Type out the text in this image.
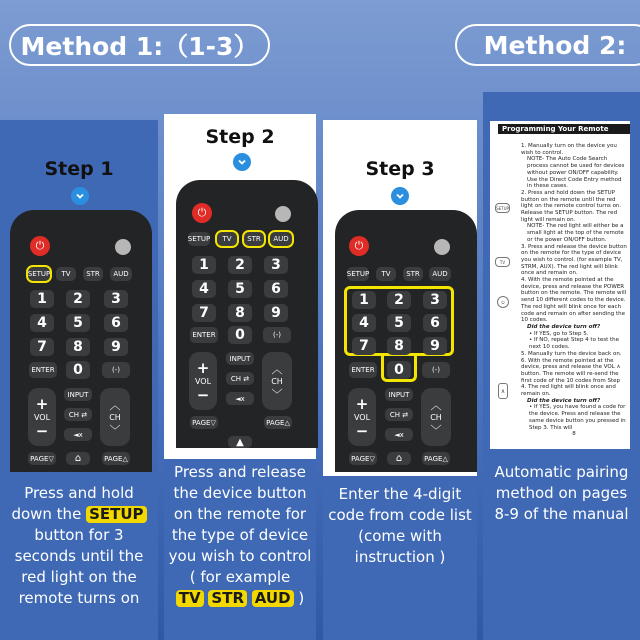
Method 1:（1-3）	Method 2:
Step 1
Step 2
Step 3
⏻
SETUP	TV	STR	AUD
1	2	3
4	5	6
7	8	9
ENTER	0	(-)
+
VOL
−
INPUT
CH ⇄
◄x
︿
CH
﹀
PAGE▽	⌂	PAGE△
⏻
SETUP	TV	STR	AUD
1	2	3
4	5	6
7	8	9
ENTER	0	(-)
+
VOL
−
INPUT
CH ⇄
◄x
︿
CH
﹀
PAGE▽	PAGE△
▲
⏻
SETUP	TV	STR	AUD
1	2	3
4	5	6
7	8	9
ENTER	0	(-)
+
VOL
−
INPUT
CH ⇄
◄x
︿
CH
﹀
PAGE▽	⌂	PAGE△
Programming Your Remote
SETUP
TV
⏻
∧

1. Manually turn on the device you wish to control.

NOTE- The Auto Code Search process cannot be used for devices without power ON/OFF capability. Use the Direct Code Entry method in these cases.

2. Press and hold down the SETUP button on the remote until the red light on the remote control turns on. Release the SETUP button. The red light will remain on.

NOTE- The red light will either be a small light at the top of the remote or the power ON/OFF button.

3. Press and release the device button on the remote for the type of device you wish to control. (for example TV, STRM, AUX). The red light will blink once and remain on.

4. With the remote pointed at the device, press and release the POWER button on the remote. The remote will send 10 different codes to the device. The red light will blink once for each code and remain on after sending the 10 codes.

Did the device turn off?

• If YES, go to Step 5.

• If NO, repeat Step 4 to test the next 10 codes.

5. Manually turn the device back on.

6. With the remote pointed at the device, press and release the VOL ∧ button. The remote will re-send the first code of the 10 codes from Step 4. The red light will blink once and remain on.

Did the device turn off?

• If YES, you have found a code for the device. Press and release the same device button you pressed in Step 3. This will

8

Press and hold
down the SETUP
button for 3
seconds until the
red light on the
remote turns on
Press and release
the device button
on the remote for
the type of device
you wish to control
( for example
TV STR AUD )
Enter the 4-digit
code from code list
(come with
instruction )
Automatic pairing
method on pages
8-9 of the manual
